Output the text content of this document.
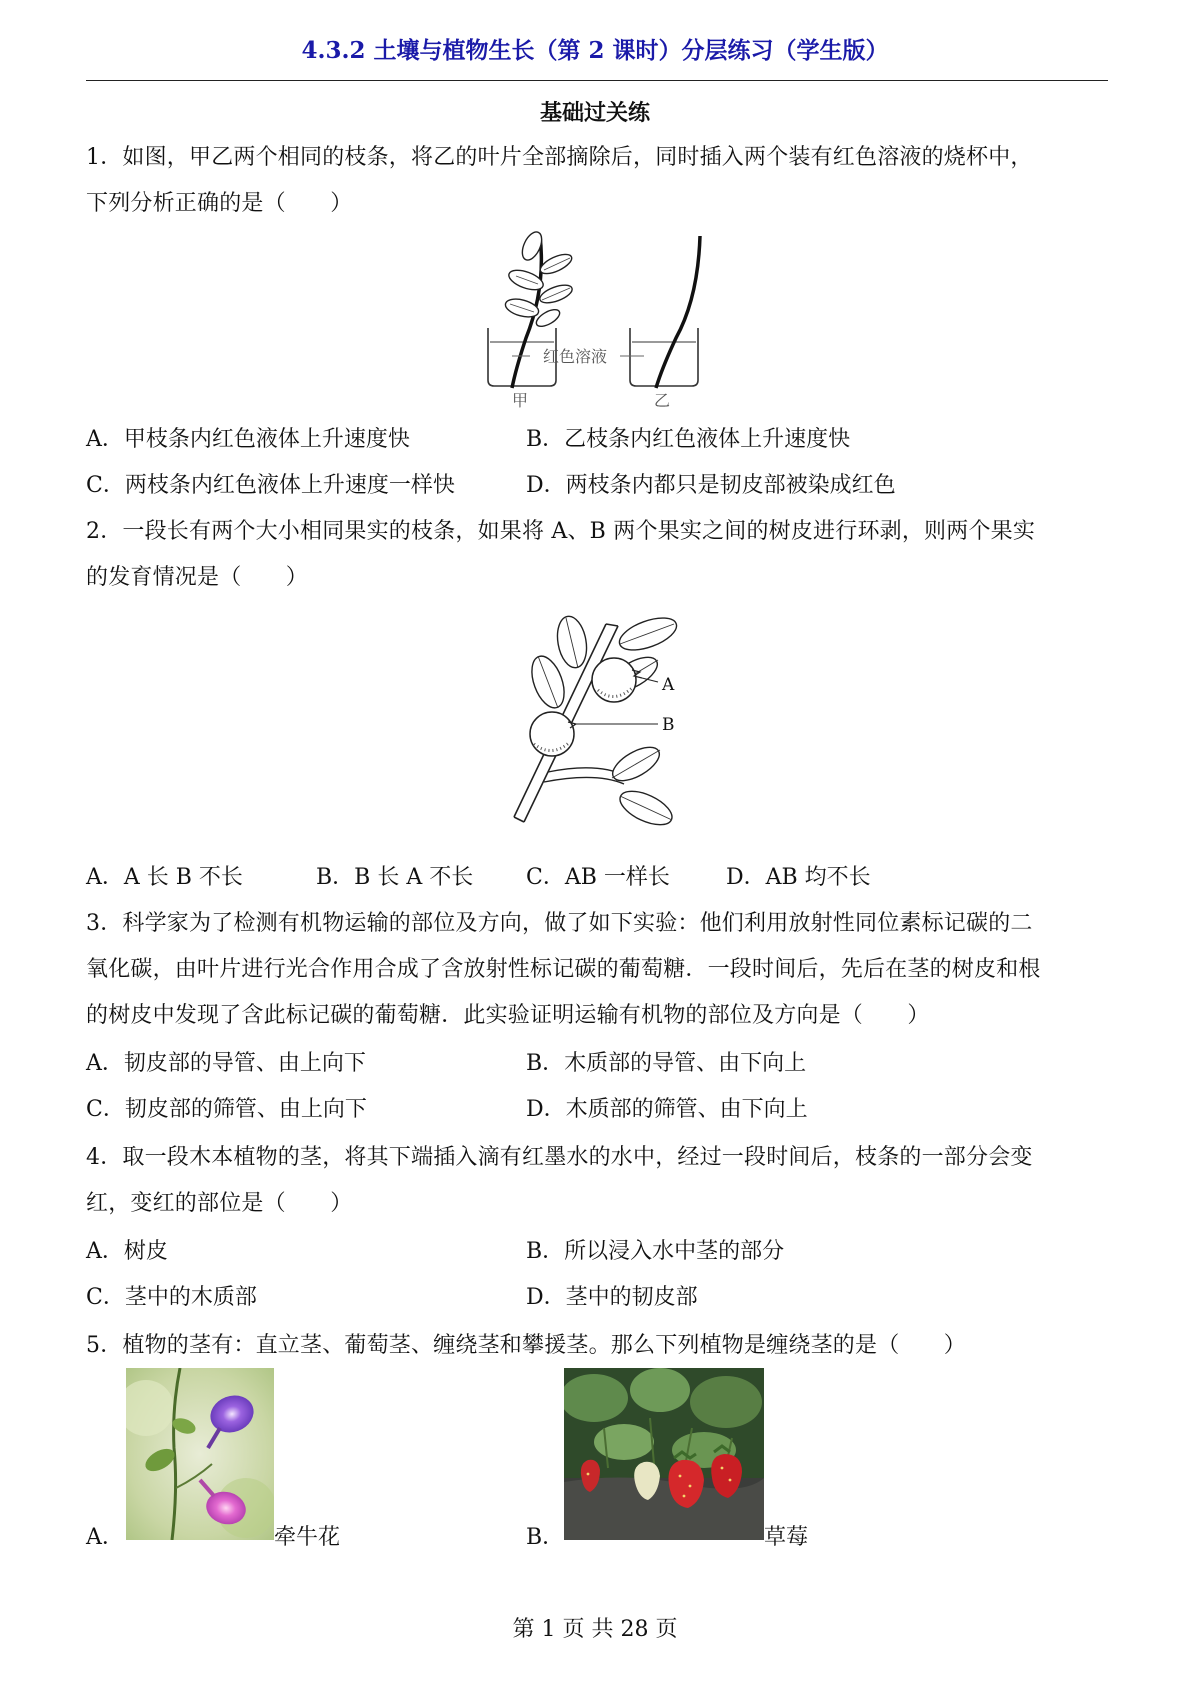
4.3.2 土壤与植物生长（第 2 课时）分层练习（学生版）
基础过关练
1．如图，甲乙两个相同的枝条，将乙的叶片全部摘除后，同时插入两个装有红色溶液的烧杯中，
下列分析正确的是（　　）
红色溶液
甲	乙
A．甲枝条内红色液体上升速度快	B．乙枝条内红色液体上升速度快
C．两枝条内红色液体上升速度一样快	D．两枝条内都只是韧皮部被染成红色
2．一段长有两个大小相同果实的枝条，如果将 A、B 两个果实之间的树皮进行环剥，则两个果实
的发育情况是（　　）
A
B
A．A 长 B 不长	B．B 长 A 不长 C．AB 一样长	D．AB 均不长
3．科学家为了检测有机物运输的部位及方向，做了如下实验：他们利用放射性同位素标记碳的二
氧化碳，由叶片进行光合作用合成了含放射性标记碳的葡萄糖．一段时间后，先后在茎的树皮和根
的树皮中发现了含此标记碳的葡萄糖．此实验证明运输有机物的部位及方向是（　　）
A．韧皮部的导管、由上向下	B．木质部的导管、由下向上
C．韧皮部的筛管、由上向下	D．木质部的筛管、由下向上
4．取一段木本植物的茎，将其下端插入滴有红墨水的水中，经过一段时间后，枝条的一部分会变
红，变红的部位是（　　）
A．树皮	B．所以浸入水中茎的部分
C．茎中的木质部	D．茎中的韧皮部
5．植物的茎有：直立茎、葡萄茎、缠绕茎和攀援茎。那么下列植物是缠绕茎的是（　　）
A．	牵牛花	B．	草莓
第 1 页 共 28 页
